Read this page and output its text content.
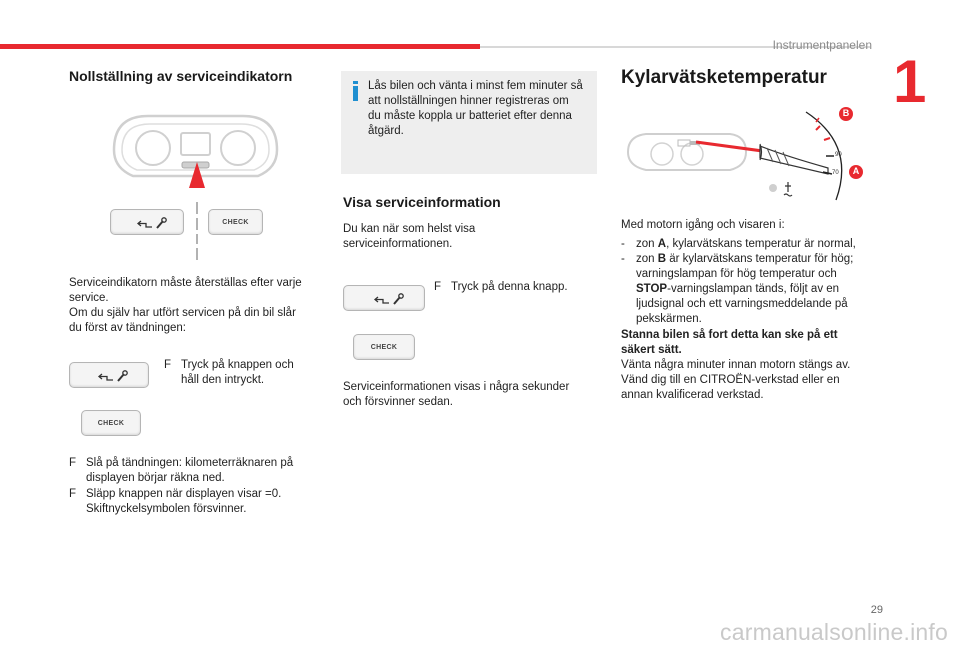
Instrumentpanelen
1
Nollställning av serviceindikatorn
CHECK
Serviceindikatorn måste återställas efter varje
service.
Om du själv har utfört servicen på din bil slår
du först av tändningen:
F Tryck på knappen och
håll den intryckt.
CHECK
F Slå på tändningen: kilometerräknaren på
displayen börjar räkna ned.
F Släpp knappen när displayen visar =0.
Skiftnyckelsymbolen försvinner.
Lås bilen och vänta i minst fem minuter så
att nollställningen hinner registreras om
du måste koppla ur batteriet efter denna
åtgärd.
Visa serviceinformation
Du kan när som helst visa
serviceinformationen.
F Tryck på denna knapp.
CHECK
Serviceinformationen visas i några sekunder
och försvinner sedan.
Kylarvätsketemperatur
B
A
90
70
Med motorn igång och visaren i:
- zon A, kylarvätskans temperatur är normal,
- zon B är kylarvätskans temperatur för hög;
varningslampan för hög temperatur och
STOP-varningslampan tänds, följt av en
ljudsignal och ett varningsmeddelande på
pekskärmen.
Stanna bilen så fort detta kan ske på ett
säkert sätt.
Vänta några minuter innan motorn stängs av.
Vänd dig till en CITROËN-verkstad eller en
annan kvalificerad verkstad.
29
carmanualsonline.info
